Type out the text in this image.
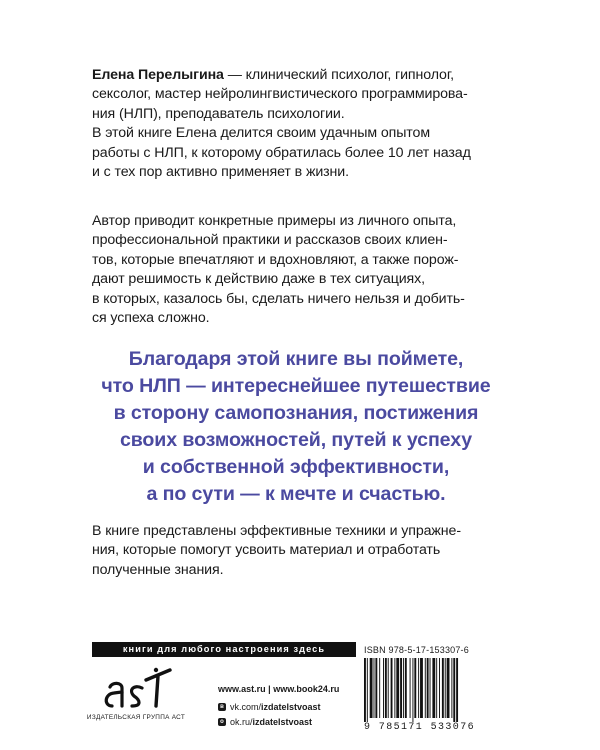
Елена Перелыгина — клинический психолог, гипнолог,
сексолог, мастер нейролингвистического программирова-
ния (НЛП), преподаватель психологии.
В этой книге Елена делится своим удачным опытом
работы с НЛП, к которому обратилась более 10 лет назад
и с тех пор активно применяет в жизни.

Автор приводит конкретные примеры из личного опыта,
профессиональной практики и рассказов своих клиен-
тов, которые впечатляют и вдохновляют, а также порож-
дают решимость к действию даже в тех ситуациях,
в которых, казалось бы, сделать ничего нельзя и добить-
ся успеха сложно.

Благодаря этой книге вы поймете,
что НЛП — интереснейшее путешествие
в сторону самопознания, постижения
своих возможностей, путей к успеху
и собственной эффективности,
а по сути — к мечте и счастью.

В книге представлены эффективные техники и упражне-
ния, которые помогут усвоить материал и отработать
полученные знания.

книги для любого настроения здесь
ИЗДАТЕЛЬСКАЯ ГРУППА АСТ
www.ast.ru | www.book24.ru
в vk.com/ izdatelstvoast
о ok.ru/ izdatelstvoast
ISBN 978-5-17-153307-6
9 785171 533076
